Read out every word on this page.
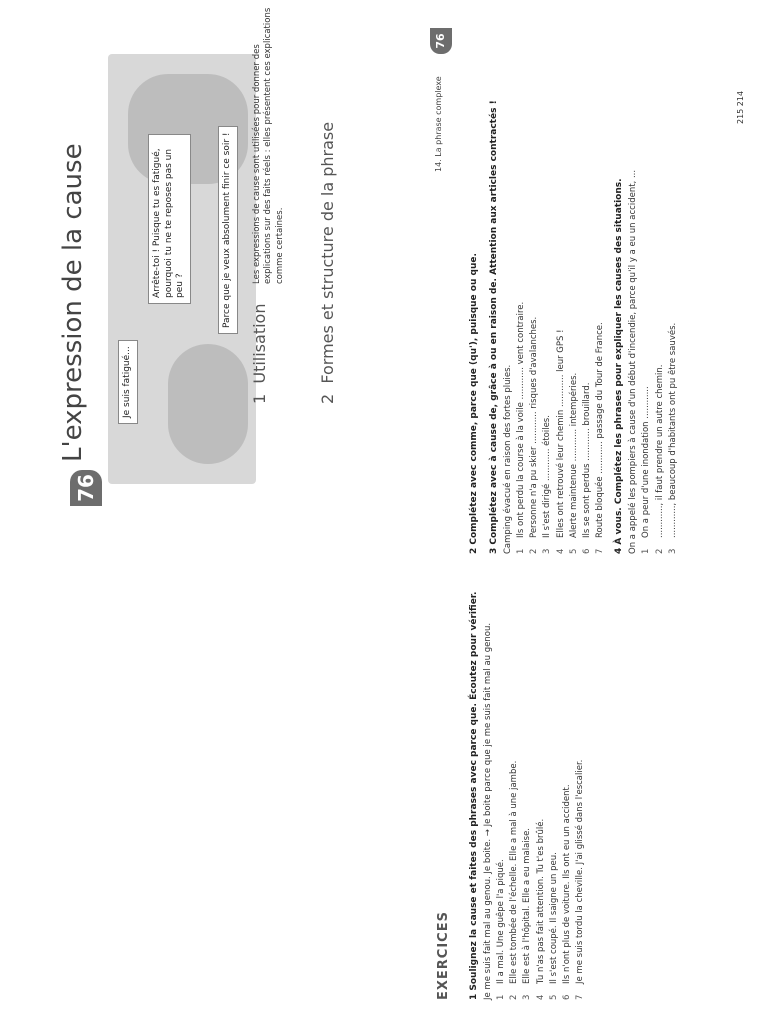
76
L'expression de la cause	Je suis fatigué...
Arrête-toi ! Puisque tu es fatigué, pourquoi tu ne te reposes pas un peu ?	Parce que je veux absolument finir ce soir !
1  Utilisation
Les expressions de cause sont utilisées pour donner des explications sur des faits réels : elles présentent ces explications comme certaines.
2  Formes et structure de la phrase
EXERCICES
14. La phrase complexe
76
1 Soulignez la cause et faites des phrases avec parce que. Écoutez pour vérifier. Je me suis fait mal au genou. Je boite. → Je boite parce que je me suis fait mal au genou. 1
Il a mal. Une guêpe l'a piqué.
2
Elle est tombée de l'échelle. Elle a mal à une jambe.
3
Elle est à l'hôpital. Elle a eu malaise.
4
Tu n'as pas fait attention. Tu t'es brûlé.
5
Il s'est coupé. Il saigne un peu.
6
Ils n'ont plus de voiture. Ils ont eu un accident.
7
Je me suis tordu la cheville. J'ai glissé dans l'escalier.
2 Complétez avec comme, parce que (qu'), puisque ou que.	3 Complétez avec à cause de, grâce à ou en raison de. Attention aux articles contractés ! Camping évacué en raison des fortes pluies. 1
Ils ont perdu la course à la voile ............ vent contraire.
2
Personne n'a pu skier ............ risques d'avalanches.
3
Il s'est dirigé ............ étoiles.
4
Elles ont retrouvé leur chemin ............ leur GPS !
5
Alerte maintenue ............ intempéries.
6
Ils se sont perdus ............ brouillard.
7
Route bloquée ............ passage du Tour de France. 4 À vous. Complétez les phrases pour expliquer les causes des situations. On a appelé les pompiers à cause d'un début d'incendie, parce qu'il y a eu un accident, ... 1
On a peur d'une inondation ............
2
............, il faut prendre un autre chemin.
3
............, beaucoup d'habitants ont pu être sauvés.
215 214
